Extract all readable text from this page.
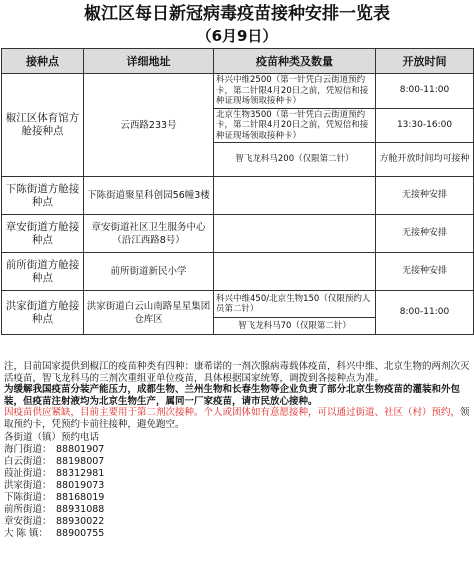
椒江区每日新冠病毒疫苗接种安排一览表
（6月9日）
接种点	详细地址	疫苗种类及数量	开放时间
椒江区体育馆方舱接种点	云西路233号	科兴中维2500（第一针凭白云街道预约卡，第二针限4月20日之前，凭短信和接种证现场领取接种卡）	8:00-11:00
		北京生物3500（第一针凭白云街道预约卡，第二针限4月20日之前，凭短信和接种证现场领取接种卡）	13:30-16:00
		智飞龙科马200（仅限第二针）	方舱开放时间均可接种
下陈街道方舱接种点	下陈街道聚星科创园56幢3楼		无接种安排
章安街道方舱接种点	章安街道社区卫生服务中心（沿江西路8号）		无接种安排
前所街道方舱接种点	前所街道新民小学		无接种安排
洪家街道方舱接种点	洪家街道白云山南路星星集团仓库区	科兴中维450/北京生物150（仅限预约人员第二针）	8:00-11:00
		智飞龙科马70（仅限第二针）	

注，目前国家提供到椒江的疫苗种类有四种：康希诺的一剂次腺病毒载体疫苗，科兴中维、北京生物的两剂次灭活疫苗，智飞龙科马的三剂次重组亚单位疫苗，具体根据国家统筹，调拨到各接种点为准。

为缓解我国疫苗分装产能压力，成都生物、兰州生物和长春生物等企业负责了部分北京生物疫苗的灌装和外包装，但疫苗注射液均为北京生物生产，属同一厂家疫苗，请市民放心接种。

因疫苗供应紧缺，目前主要用于第二剂次接种。个人或团体如有意愿接种，可以通过街道、社区（村）预约，领取预约卡，凭预约卡前往接种，避免跑空。

各街道（镇）预约电话
海门街道： 88801907
白云街道： 88198007
葭沚街道： 88312981
洪家街道： 88019073
下陈街道： 88168019
前所街道： 88931088
章安街道： 88930022
大 陈 镇： 88900755
